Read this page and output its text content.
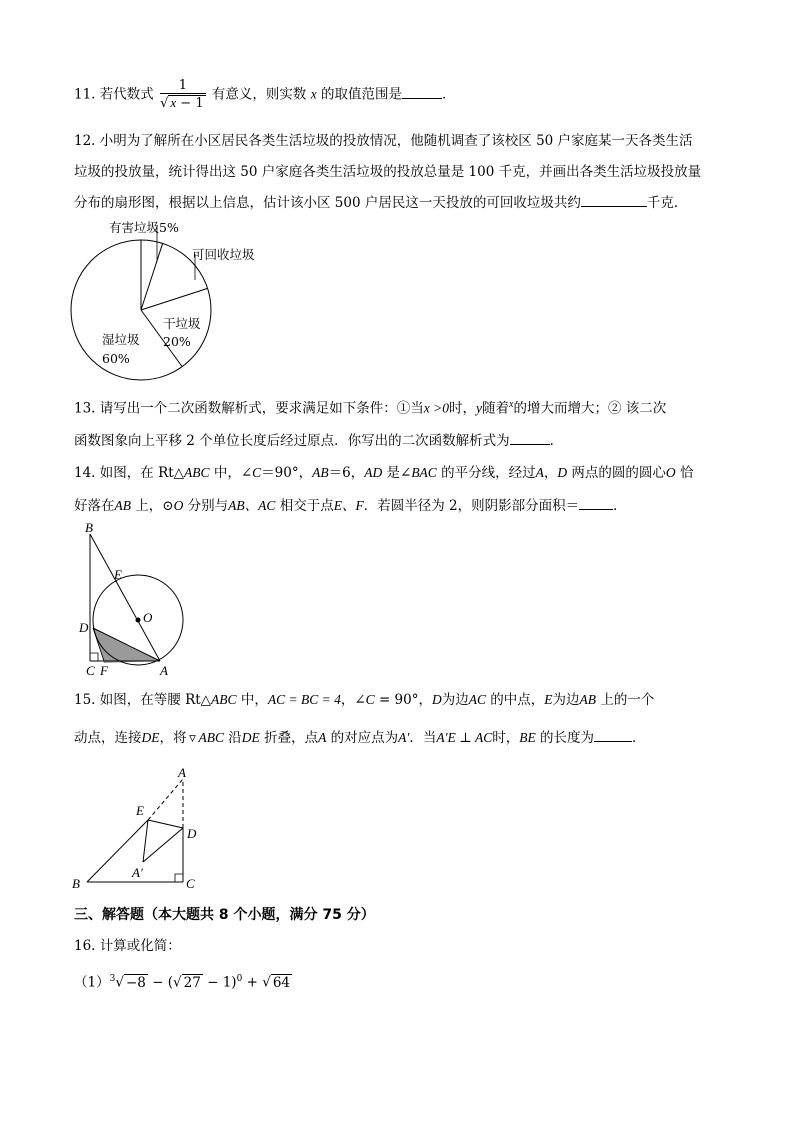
11. 若代数式 $\frac{1}{√ x - 1}$ 有意义，则实数 x 的取值范围是	．
12. 小明为了解所在小区居民各类生活垃圾的投放情况，他随机调查了该校区 50 户家庭某一天各类生活
垃圾的投放量，统计得出这 50 户家庭各类生活垃圾的投放总量是 100 千克，并画出各类生活垃圾投放量
分布的扇形图，根据以上信息，估计该小区 500 户居民这一天投放的可回收垃圾共约	千克．
有害垃圾5%
可回收垃圾
干垃圾
20%
湿垃圾
60%
13. 请写出一个二次函数解析式，要求满足如下条件：①当x >0时，y随着$^x$的增大而增大；② 该二次
函数图象向上平移 2 个单位长度后经过原点．你写出的二次函数解析式为	．
14. 如图，在 Rt△ABC 中，∠C＝90°，AB＝6，AD 是∠BAC 的平分线，经过A，D 两点的圆的圆心O 恰
好落在AB 上，⊙O 分别与AB、AC 相交于点E、F．若圆半径为 2，则阴影部分面积＝	．
B
E
O
D
C F	A
15. 如图，在等腰 Rt△ABC 中，AC = BC = 4，∠C = 90°，D为边AC 的中点，E为边AB 上的一个
动点，连接DE，将 ▿ ABC 沿DE 折叠，点A 的对应点为A′．当A′E ⊥ AC时，BE 的长度为	．
A
E
D
A′
B	C
三、解答题（本大题共 8 个小题，满分 75 分）
16. 计算或化简：
$(1)^3√ -8$ − (√ 27 − 1)$^0$ + √ 64
